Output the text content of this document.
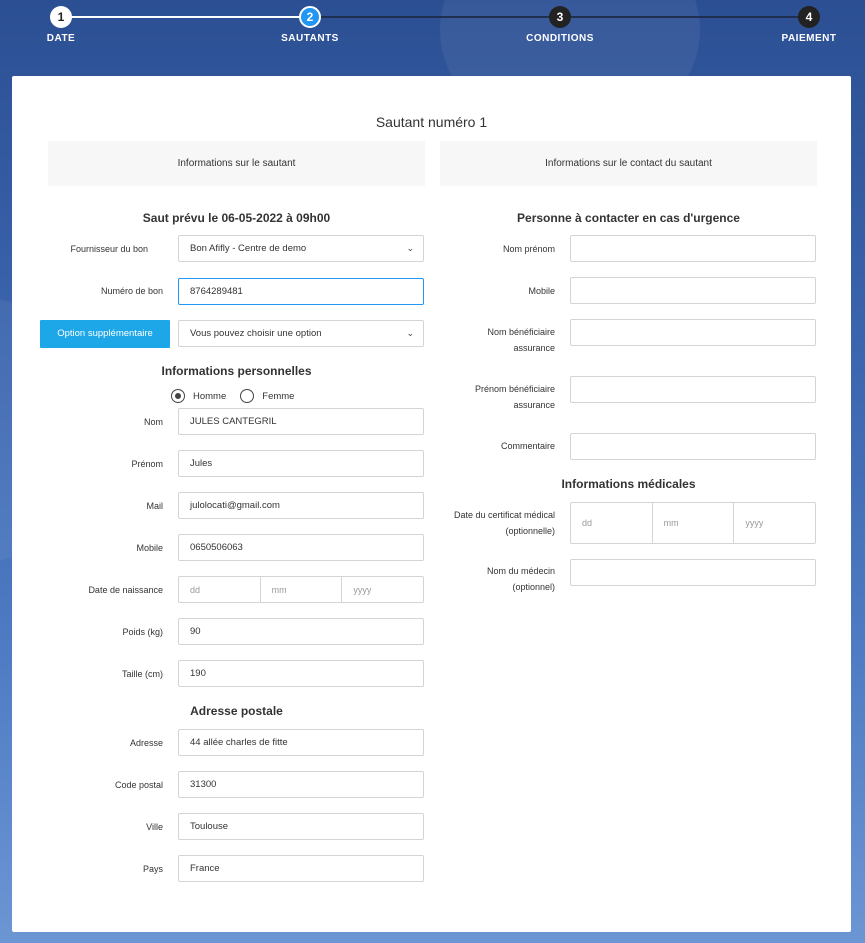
1
DATE
2
SAUTANTS
3
CONDITIONS
4
PAIEMENT
Sautant numéro 1
Informations sur le sautant	Informations sur le contact du sautant
Saut prévu le 06-05-2022 à 09h00
Fournisseur du bon	Bon Afifly - Centre de demo	⌄
Numéro de bon	8764289481
Option supplémentaire	Vous pouvez choisir une option	⌄
Informations personnelles
Homme	Femme
Nom	JULES CANTEGRIL
Prénom	Jules
Mail	julolocati@gmail.com
Mobile	0650506063
Date de naissance	dd	mm	yyyy
Poids (kg)	90
Taille (cm)	190
Adresse postale
Adresse	44 allée charles de fitte
Code postal	31300
Ville	Toulouse
Pays	France
Personne à contacter en cas d'urgence
Nom prénom
Mobile
Nom bénéficiaire
assurance
Prénom bénéficiaire
assurance
Commentaire
Informations médicales
Date du certificat médical
(optionnelle)
dd	mm	yyyy
Nom du médecin
(optionnel)
